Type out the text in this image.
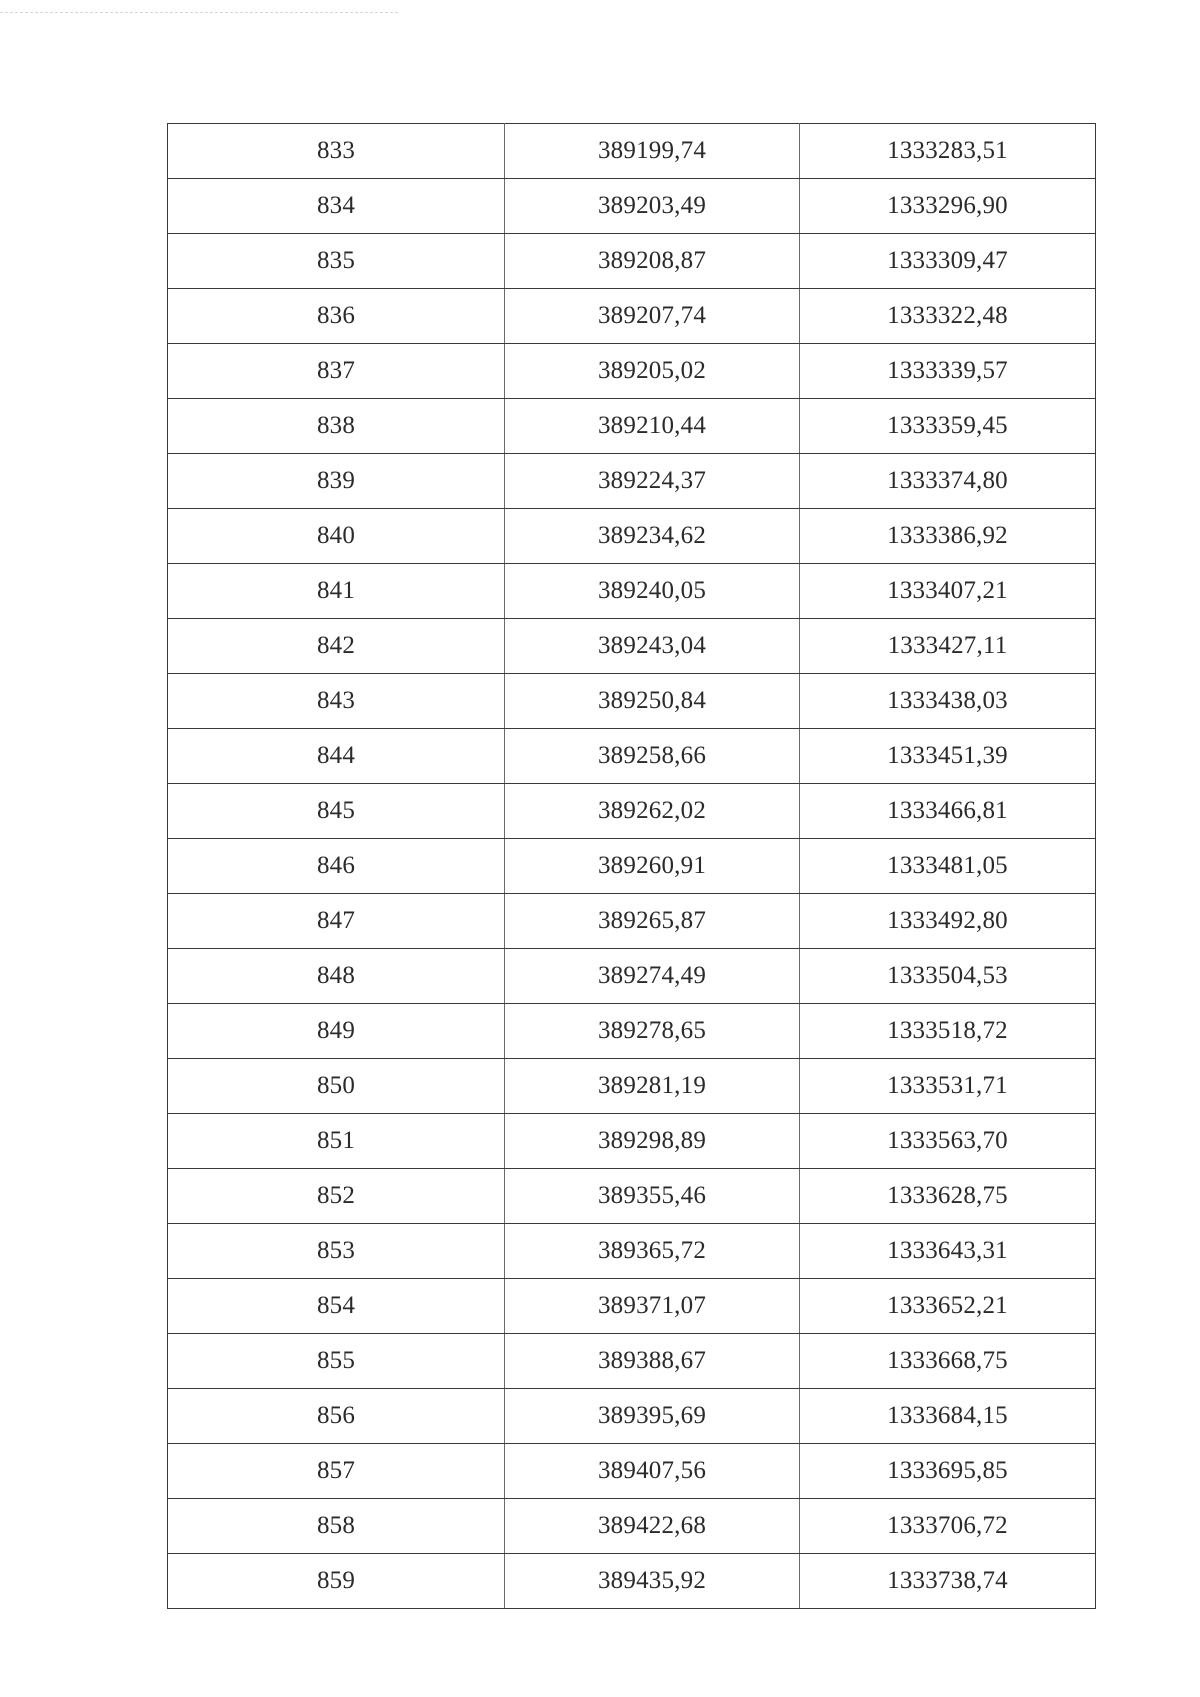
833	389199,74	1333283,51
834	389203,49	1333296,90
835	389208,87	1333309,47
836	389207,74	1333322,48
837	389205,02	1333339,57
838	389210,44	1333359,45
839	389224,37	1333374,80
840	389234,62	1333386,92
841	389240,05	1333407,21
842	389243,04	1333427,11
843	389250,84	1333438,03
844	389258,66	1333451,39
845	389262,02	1333466,81
846	389260,91	1333481,05
847	389265,87	1333492,80
848	389274,49	1333504,53
849	389278,65	1333518,72
850	389281,19	1333531,71
851	389298,89	1333563,70
852	389355,46	1333628,75
853	389365,72	1333643,31
854	389371,07	1333652,21
855	389388,67	1333668,75
856	389395,69	1333684,15
857	389407,56	1333695,85
858	389422,68	1333706,72
859	389435,92	1333738,74
